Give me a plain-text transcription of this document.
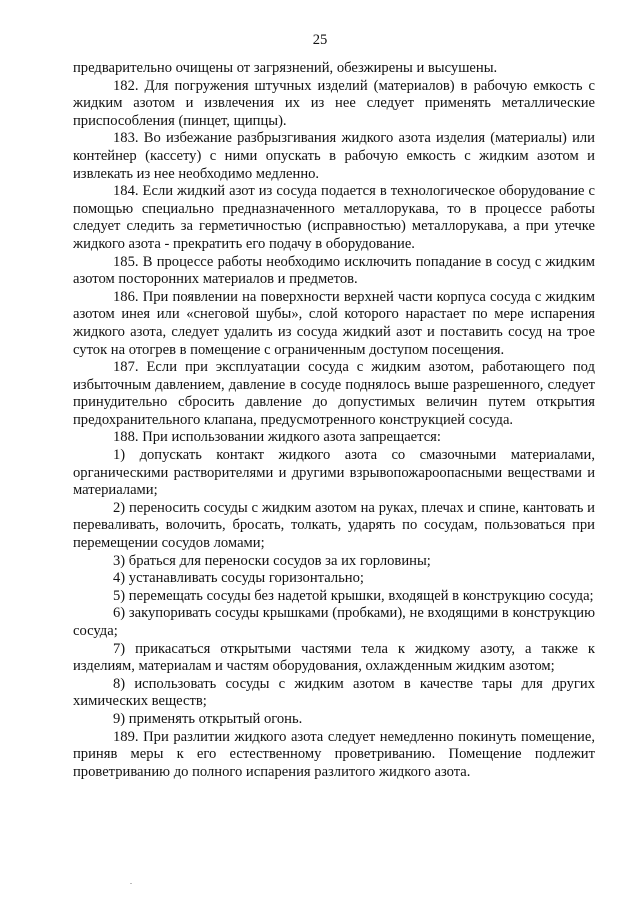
25

предварительно очищены от загрязнений, обезжирены и высушены.

182. Для погружения штучных изделий (материалов) в рабочую емкость с жидким азотом и извлечения их из нее следует применять металлические приспособления (пинцет, щипцы).

183. Во избежание разбрызгивания жидкого азота изделия (материалы) или контейнер (кассету) с ними опускать в рабочую емкость с жидким азотом и извлекать из нее необходимо медленно.

184. Если жидкий азот из сосуда подается в технологическое оборудование с помощью специально предназначенного металлорукава, то в процессе работы следует следить за герметичностью (исправностью) металлорукава, а при утечке жидкого азота - прекратить его подачу в оборудование.

185. В процессе работы необходимо исключить попадание в сосуд с жидким азотом посторонних материалов и предметов.

186. При появлении на поверхности верхней части корпуса сосуда с жидким азотом инея или «снеговой шубы», слой которого нарастает по мере испарения жидкого азота, следует удалить из сосуда жидкий азот и поставить сосуд на трое суток на отогрев в помещение с ограниченным доступом посещения.

187. Если при эксплуатации сосуда с жидким азотом, работающего под избыточным давлением, давление в сосуде поднялось выше разрешенного, следует принудительно сбросить давление до допустимых величин путем открытия предохранительного клапана, предусмотренного конструкцией сосуда.

188. При использовании жидкого азота запрещается:

1) допускать контакт жидкого азота со смазочными материалами, органическими растворителями и другими взрывопожароопасными веществами и материалами;

2) переносить сосуды с жидким азотом на руках, плечах и спине, кантовать и переваливать, волочить, бросать, толкать, ударять по сосудам, пользоваться при перемещении сосудов ломами;

3) браться для переноски сосудов за их горловины;

4) устанавливать сосуды горизонтально;

5) перемещать сосуды без надетой крышки, входящей в конструкцию сосуда;

6) закупоривать сосуды крышками (пробками), не входящими в конструкцию сосуда;

7) прикасаться открытыми частями тела к жидкому азоту, а также к изделиям, материалам и частям оборудования, охлажденным жидким азотом;

8) использовать сосуды с жидким азотом в качестве тары для других химических веществ;

9) применять открытый огонь.

189. При разлитии жидкого азота следует немедленно покинуть помещение, приняв меры к его естественному проветриванию. Помещение подлежит проветриванию до полного испарения разлитого жидкого азота.
